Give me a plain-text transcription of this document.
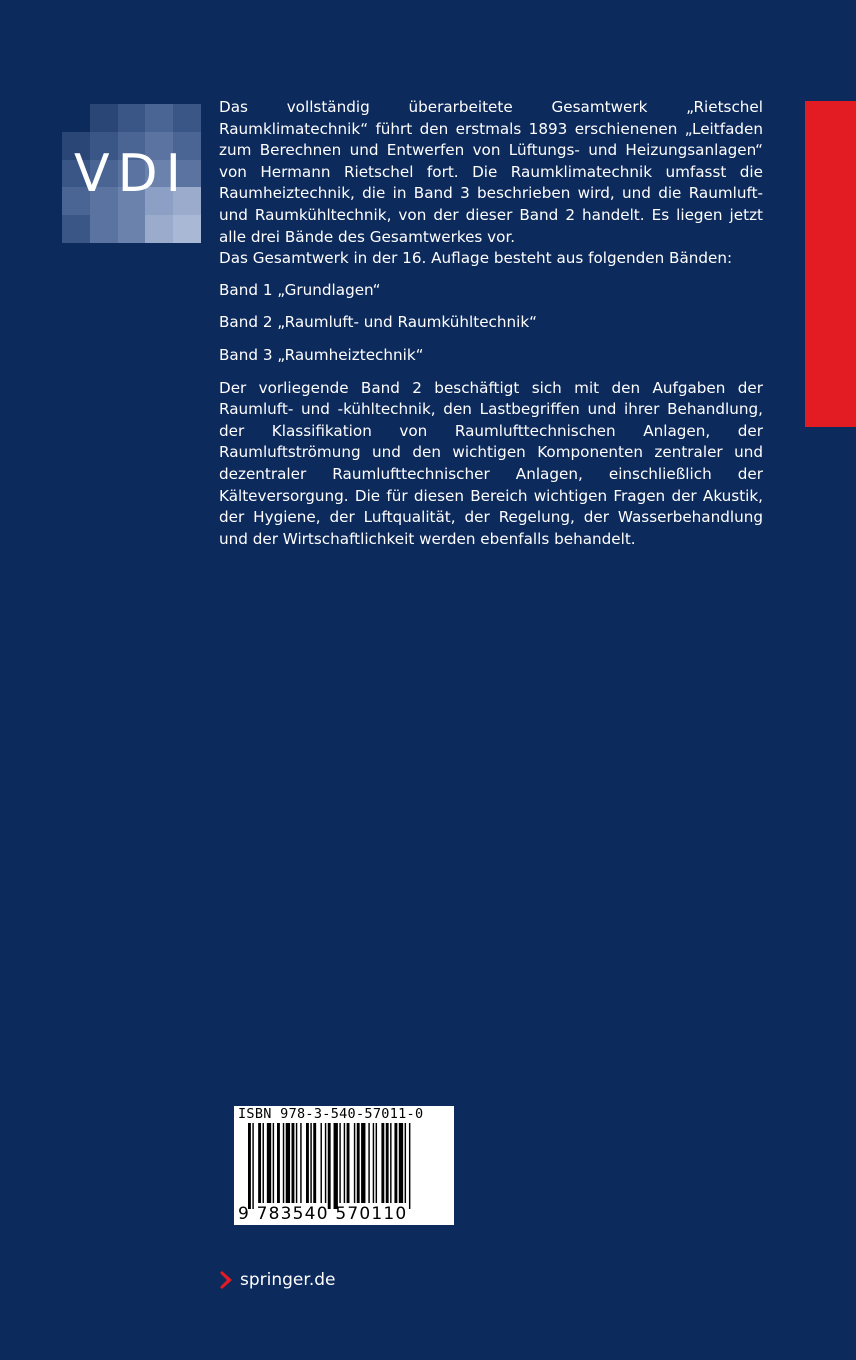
VDI

Das vollständig überarbeitete Gesamtwerk „Rietschel Raumklimatechnik“ führt den erstmals 1893 erschienenen „Leitfaden zum Berechnen und Entwerfen von Lüftungs- und Heizungsanlagen“ von Hermann Rietschel fort. Die Raumklimatechnik umfasst die Raumheiztechnik, die in Band 3 beschrieben wird, und die Raumluft- und Raumkühltechnik, von der dieser Band 2 handelt. Es liegen jetzt alle drei Bände des Gesamtwerkes vor.

Das Gesamtwerk in der 16. Auflage besteht aus folgenden Bänden:

Band 1 „Grundlagen“

Band 2 „Raumluft- und Raumkühltechnik“

Band 3 „Raumheiztechnik“

Der vorliegende Band 2 beschäftigt sich mit den Aufgaben der Raumluft- und -kühltechnik, den Lastbegriffen und ihrer Behandlung, der Klassifikation von Raumlufttechnischen Anlagen, der Raumluftströmung und den wichtigen Komponenten zentraler und dezentraler Raumlufttechnischer Anlagen, einschließlich der Kälteversorgung. Die für diesen Bereich wichtigen Fragen der Akustik, der Hygiene, der Luftqualität, der Regelung, der Wasserbehandlung und der Wirtschaftlichkeit werden ebenfalls behandelt.

ISBN 978-3-540-57011-0
9 783540 570110
springer.de
